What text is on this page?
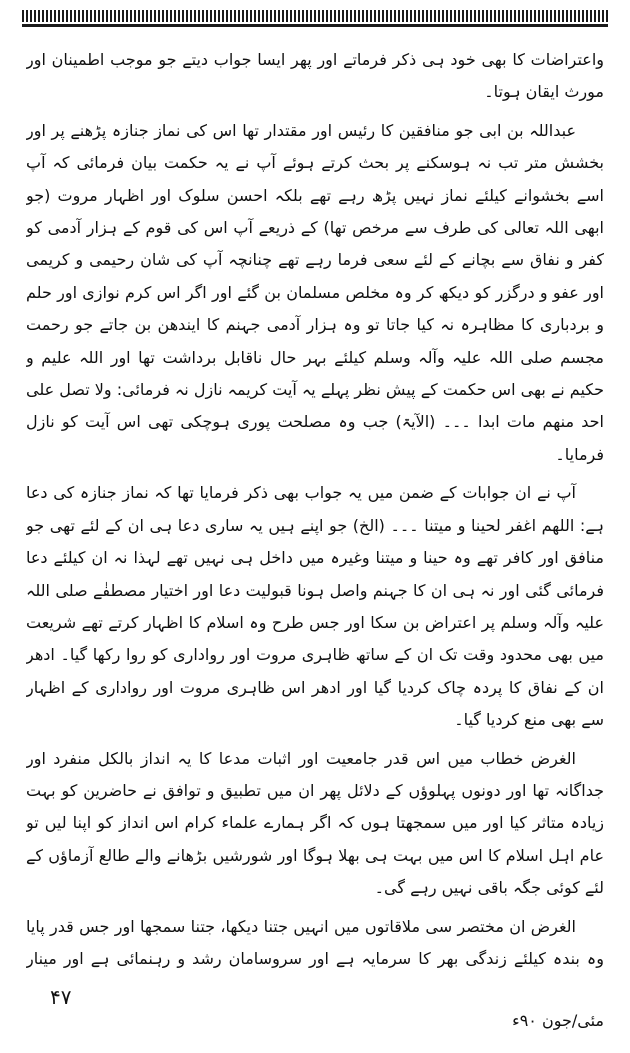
واعتراضات کا بھی خود ہی ذکر فرماتے اور پھر ایسا جواب دیتے جو موجب اطمینان اور مورث ایقان ہوتا۔

عبداللہ بن ابی جو منافقین کا رئیس اور مقتدار تھا اس کی نماز جنازہ پڑھنے پر اور بخشش متر تب نہ ہوسکنے پر بحث کرتے ہوئے آپ نے یہ حکمت بیان فرمائی کہ آپ اسے بخشوانے کیلئے نماز نہیں پڑھ رہے تھے بلکہ احسن سلوک اور اظہار مروت (جو ابھی اللہ تعالی کی طرف سے مرخص تھا) کے ذریعے آپ اس کی قوم کے ہزار آدمی کو کفر و نفاق سے بچانے کے لئے سعی فرما رہے تھے چنانچہ آپ کی شان رحیمی و کریمی اور عفو و درگزر کو دیکھ کر وہ مخلص مسلمان بن گئے اور اگر اس کرم نوازی اور حلم و بردباری کا مظاہرہ نہ کیا جاتا تو وہ ہزار آدمی جہنم کا ایندھن بن جاتے جو رحمت مجسم صلی اللہ علیہ وآلہ وسلم کیلئے بہر حال ناقابل برداشت تھا اور اللہ علیم و حکیم نے بھی اس حکمت کے پیش نظر پہلے یہ آیت کریمہ نازل نہ فرمائی: ولا تصل علی احد منهم مات ابدا ۔۔۔ (الآیۃ) جب وہ مصلحت پوری ہوچکی تھی اس آیت کو نازل فرمایا۔

آپ نے ان جوابات کے ضمن میں یہ جواب بھی ذکر فرمایا تھا کہ نماز جنازہ کی دعا ہے: اللھم اغفر لحینا و میتنا ۔۔۔ (الخ) جو اپنے ہیں یہ ساری دعا ہی ان کے لئے تھی جو منافق اور کافر تھے وہ حینا و میتنا وغیرہ میں داخل ہی نہیں تھے لہذا نہ ان کیلئے دعا فرمائی گئی اور نہ ہی ان کا جہنم واصل ہونا قبولیت دعا اور اختیار مصطفٰے صلی اللہ علیہ وآلہ وسلم پر اعتراض بن سکا اور جس طرح وہ اسلام کا اظہار کرتے تھے شریعت میں بھی محدود وقت تک ان کے ساتھ ظاہری مروت اور رواداری کو روا رکھا گیا۔ ادھر ان کے نفاق کا پردہ چاک کردیا گیا اور ادھر اس ظاہری مروت اور رواداری کے اظہار سے بھی منع کردیا گیا۔

الغرض خطاب میں اس قدر جامعیت اور اثبات مدعا کا یہ انداز بالکل منفرد اور جداگانہ تھا اور دونوں پہلوؤں کے دلائل پھر ان میں تطبیق و توافق نے حاضرین کو بہت زیادہ متاثر کیا اور میں سمجھتا ہوں کہ اگر ہمارے علماء کرام اس انداز کو اپنا لیں تو عام اہل اسلام کا اس میں بہت ہی بھلا ہوگا اور شورشیں بڑھانے والے طالع آزماؤں کے لئے کوئی جگہ باقی نہیں رہے گی۔

الغرض ان مختصر سی ملاقاتوں میں انہیں جتنا دیکھا، جتنا سمجھا اور جس قدر پایا وہ بندہ کیلئے زندگی بھر کا سرمایہ ہے اور سروسامان رشد و رہنمائی ہے اور مینار

۴۷
مئی/جون ۹۰ء
